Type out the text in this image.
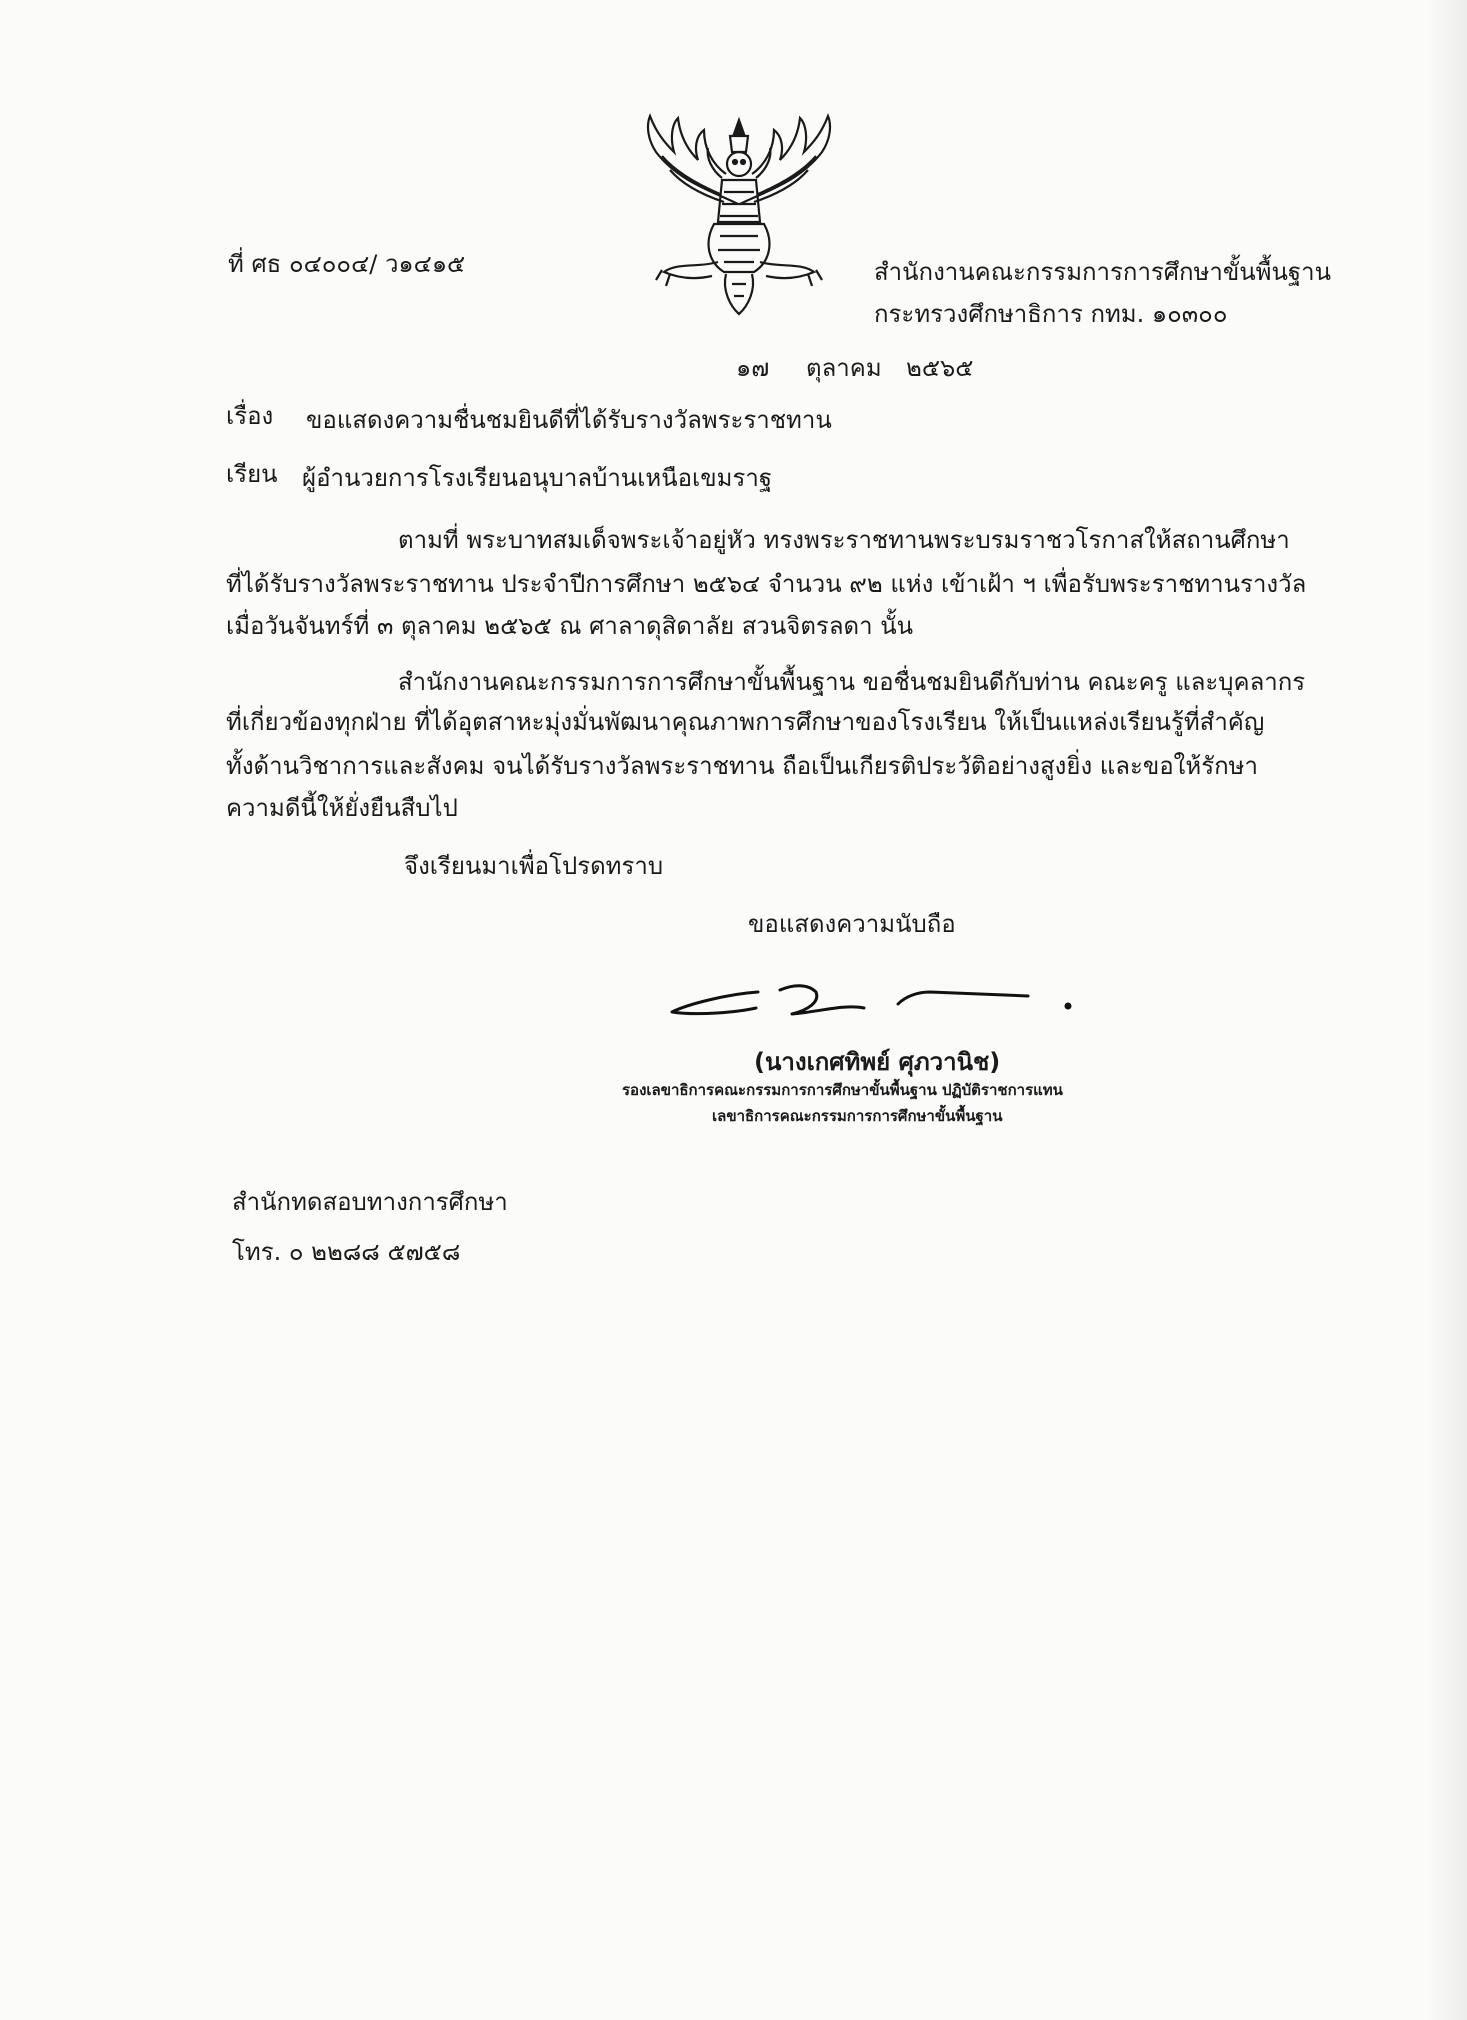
ที่ ศธ ๐๔๐๐๔/ ว๑๔๑๕	สำนักงานคณะกรรมการการศึกษาขั้นพื้นฐาน
กระทรวงศึกษาธิการ กทม. ๑๐๓๐๐
๑๗ ตุลาคม ๒๕๖๕
เรื่อง ขอแสดงความชื่นชมยินดีที่ได้รับรางวัลพระราชทาน
เรียน ผู้อำนวยการโรงเรียนอนุบาลบ้านเหนือเขมราฐ
ตามที่ พระบาทสมเด็จพระเจ้าอยู่หัว ทรงพระราชทานพระบรมราชวโรกาสให้สถานศึกษา
ที่ได้รับรางวัลพระราชทาน ประจำปีการศึกษา ๒๕๖๔ จำนวน ๙๒ แห่ง เข้าเฝ้า ฯ เพื่อรับพระราชทานรางวัล
เมื่อวันจันทร์ที่ ๓ ตุลาคม ๒๕๖๕ ณ ศาลาดุสิดาลัย สวนจิตรลดา นั้น
สำนักงานคณะกรรมการการศึกษาขั้นพื้นฐาน ขอชื่นชมยินดีกับท่าน คณะครู และบุคลากร
ที่เกี่ยวข้องทุกฝ่าย ที่ได้อุตสาหะมุ่งมั่นพัฒนาคุณภาพการศึกษาของโรงเรียน ให้เป็นแหล่งเรียนรู้ที่สำคัญ
ทั้งด้านวิชาการและสังคม จนได้รับรางวัลพระราชทาน ถือเป็นเกียรติประวัติอย่างสูงยิ่ง และขอให้รักษา
ความดีนี้ให้ยั่งยืนสืบไป
จึงเรียนมาเพื่อโปรดทราบ
ขอแสดงความนับถือ
(นางเกศทิพย์ ศุภวานิช)
รองเลขาธิการคณะกรรมการการศึกษาขั้นพื้นฐาน ปฏิบัติราชการแทน
เลขาธิการคณะกรรมการการศึกษาขั้นพื้นฐาน
สำนักทดสอบทางการศึกษา
โทร. ๐ ๒๒๘๘ ๕๗๕๘
